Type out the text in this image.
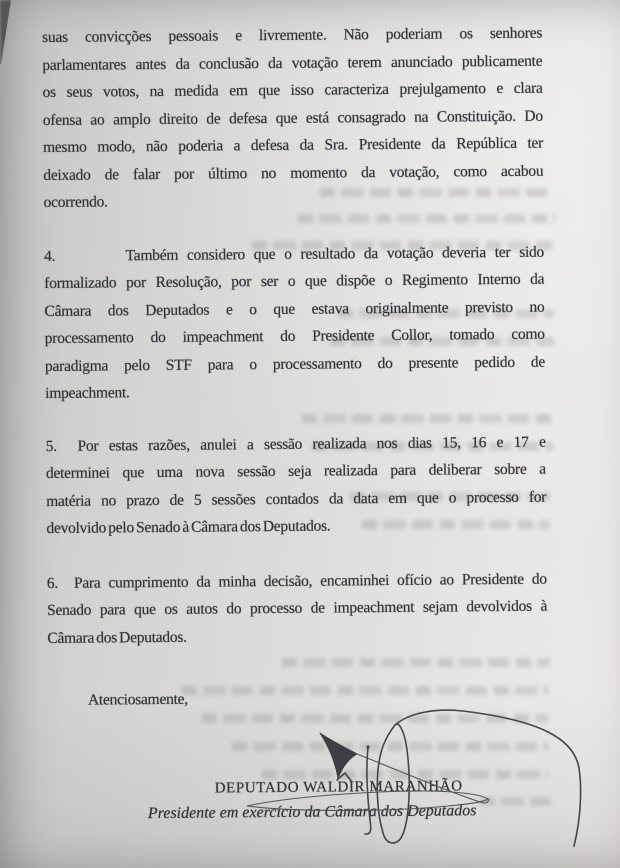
suas convicções pessoais e livremente. Não poderiam os senhores
parlamentares antes da conclusão da votação terem anunciado publicamente
os seus votos, na medida em que isso caracteriza prejulgamento e clara
ofensa ao amplo direito de defesa que está consagrado na Constituição. Do
mesmo modo, não poderia a defesa da Sra. Presidente da República ter
deixado de falar por último no momento da votação, como acabou
ocorrendo.
4.        Também considero que o resultado da votação deveria ter sido
formalizado por Resolução, por ser o que dispõe o Regimento Interno da
Câmara dos Deputados e o que estava originalmente previsto no
processamento do impeachment do Presidente Collor, tomado como
paradigma pelo STF para o processamento do presente pedido de
impeachment.
5.  Por estas razões, anulei a sessão realizada nos dias 15, 16 e 17 e
determinei que uma nova sessão seja realizada para deliberar sobre a
matéria no prazo de 5 sessões contados da data em que o processo for
devolvido pelo Senado à Câmara dos Deputados.
6.  Para cumprimento da minha decisão, encaminhei ofício ao Presidente do
Senado para que os autos do processo de impeachment sejam devolvidos à
Câmara dos Deputados.
Atenciosamente,
DEPUTADO WALDIR MARANHÃO
Presidente em exercício da Câmara dos Deputados
